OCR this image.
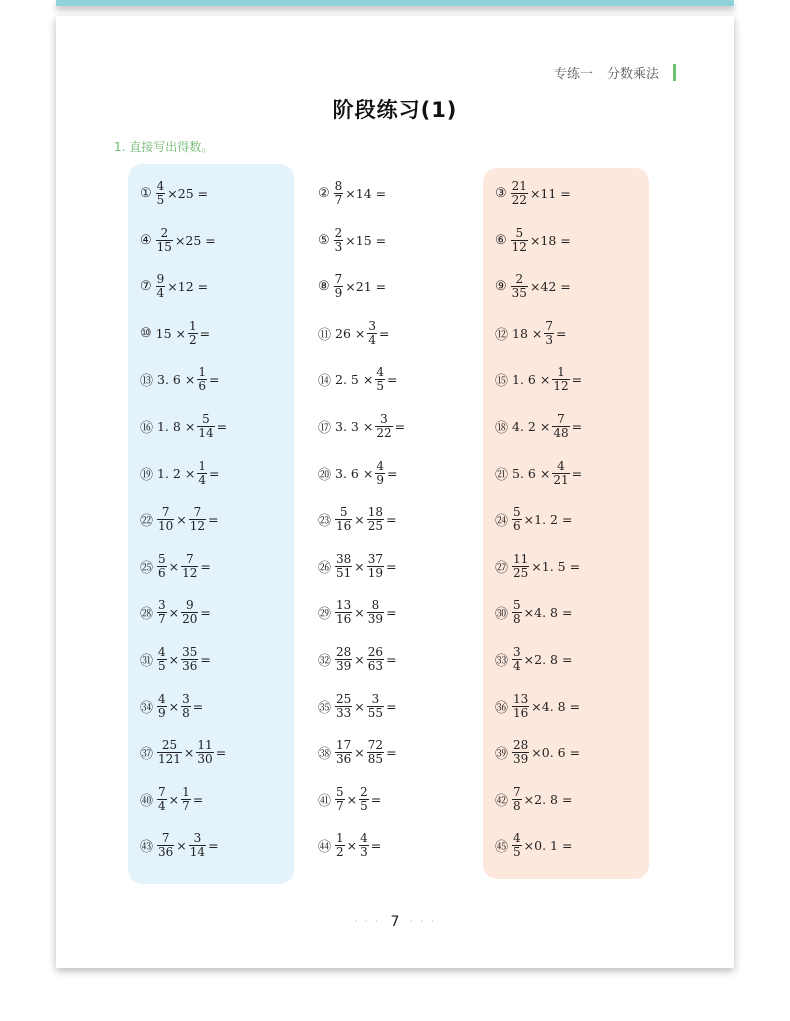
专练一 分数乘法
阶段练习(1)
1. 直接写出得数。
① $\frac{4}{5} \times 25$ =	② $\frac{8}{7} \times 14$ =	③ $\frac{21}{22} \times 11$ =
④ $\frac{2}{15} \times 25$ =	⑤ $\frac{2}{3} \times 15$ =	⑥ $\frac{5}{12} \times 18$ =
⑦ $\frac{9}{4} \times 12$ =	⑧ $\frac{7}{9} \times 21$ =	⑨ $\frac{2}{35} \times 42$ =
⑩ $15 \times \frac{1}{2}$ =	⑪ $26 \times \frac{3}{4}$ =	⑫ $18 \times \frac{7}{3}$ =
⑬ 3. $6 \times \frac{1}{6}$ =	⑭ 2. $5 \times \frac{4}{5}$ =	⑮ 1. $6 \times \frac{1}{12}$ =
⑯ 1. $8 \times \frac{5}{14}$ =	⑰ 3. $3 \times \frac{3}{22}$ =	⑱ 4. $2 \times \frac{7}{48}$ =
⑲ 1. $2 \times \frac{1}{4}$ =	⑳ 3. $6 \times \frac{4}{9}$ =	㉑ 5. $6 \times \frac{4}{21}$ =
㉒ $\frac{7}{10} \times \frac{7}{12}$ =	㉓ $\frac{5}{16} \times \frac{18}{25}$ =	㉔ $\frac{5}{6} \times 1$. 2 =
㉕ $\frac{5}{6} \times \frac{7}{12}$ =	㉖ $\frac{38}{51} \times \frac{37}{19}$ =	㉗ $\frac{11}{25} \times 1$. 5 =
㉘ $\frac{3}{7} \times \frac{9}{20}$ =	㉙ $\frac{13}{16} \times \frac{8}{39}$ =	㉚ $\frac{5}{8} \times 4$. 8 =
㉛ $\frac{4}{5} \times \frac{35}{36}$ =	㉜ $\frac{28}{39} \times \frac{26}{63}$ =	㉝ $\frac{3}{4} \times 2$. 8 =
㉞ $\frac{4}{9} \times \frac{3}{8}$ =	㉟ $\frac{25}{33} \times \frac{3}{55}$ =	㊱ $\frac{13}{16} \times 4$. 8 =
㊲ $\frac{25}{121} \times \frac{11}{30}$ =	㊳ $\frac{17}{36} \times \frac{72}{85}$ =	㊴ $\frac{28}{39} \times 0$. 6 =
㊵ $\frac{7}{4} \times \frac{1}{7}$ =	㊶ $\frac{5}{7} \times \frac{2}{5}$ =	㊷ $\frac{7}{8} \times 2$. 8 =
㊸ $\frac{7}{36} \times \frac{3}{14}$ =	㊹ $\frac{1}{2} \times \frac{4}{3}$ =	㊺ $\frac{4}{5} \times 0$. 1 =
· · · 7 · · ·
